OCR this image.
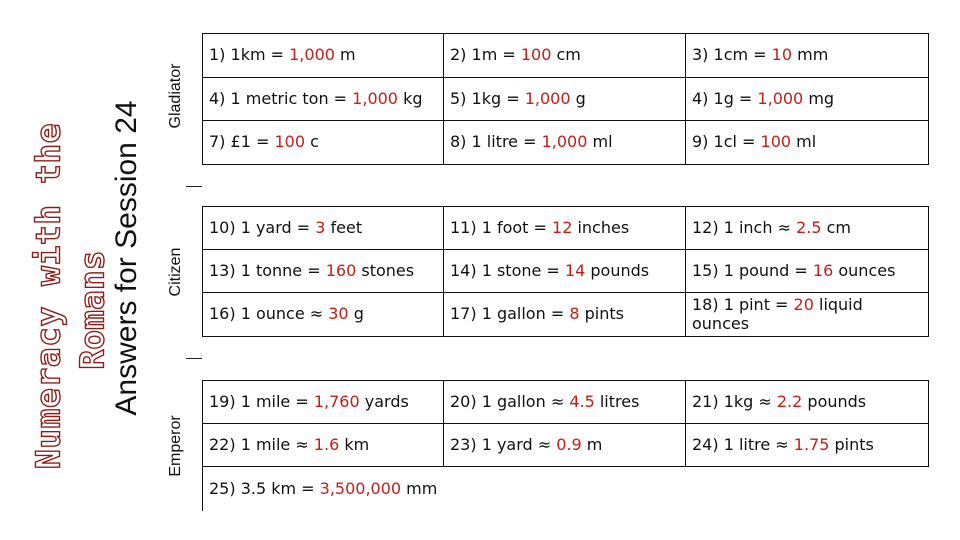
Numeracy with the Romans
Answers for Session 24
Gladiator
Citizen
Emperor
1) 1km = 1,000 m	2) 1m = 100 cm	3) 1cm = 10 mm
4) 1 metric ton = 1,000 kg	5) 1kg = 1,000 g	4) 1g = 1,000 mg
7) £1 = 100 c	8) 1 litre = 1,000 ml	9) 1cl = 100 ml
10) 1 yard = 3 feet	11) 1 foot = 12 inches	12) 1 inch ≈ 2.5 cm
13) 1 tonne = 160 stones	14) 1 stone = 14 pounds	15) 1 pound = 16 ounces
16) 1 ounce ≈ 30 g	17) 1 gallon = 8 pints	18) 1 pint = 20 liquid ounces
19) 1 mile = 1,760 yards	20) 1 gallon ≈ 4.5 litres	21) 1kg ≈ 2.2 pounds
22) 1 mile ≈ 1.6 km	23) 1 yard ≈ 0.9 m	24) 1 litre ≈ 1.75 pints
25) 3.5 km = 3,500,000 mm		
